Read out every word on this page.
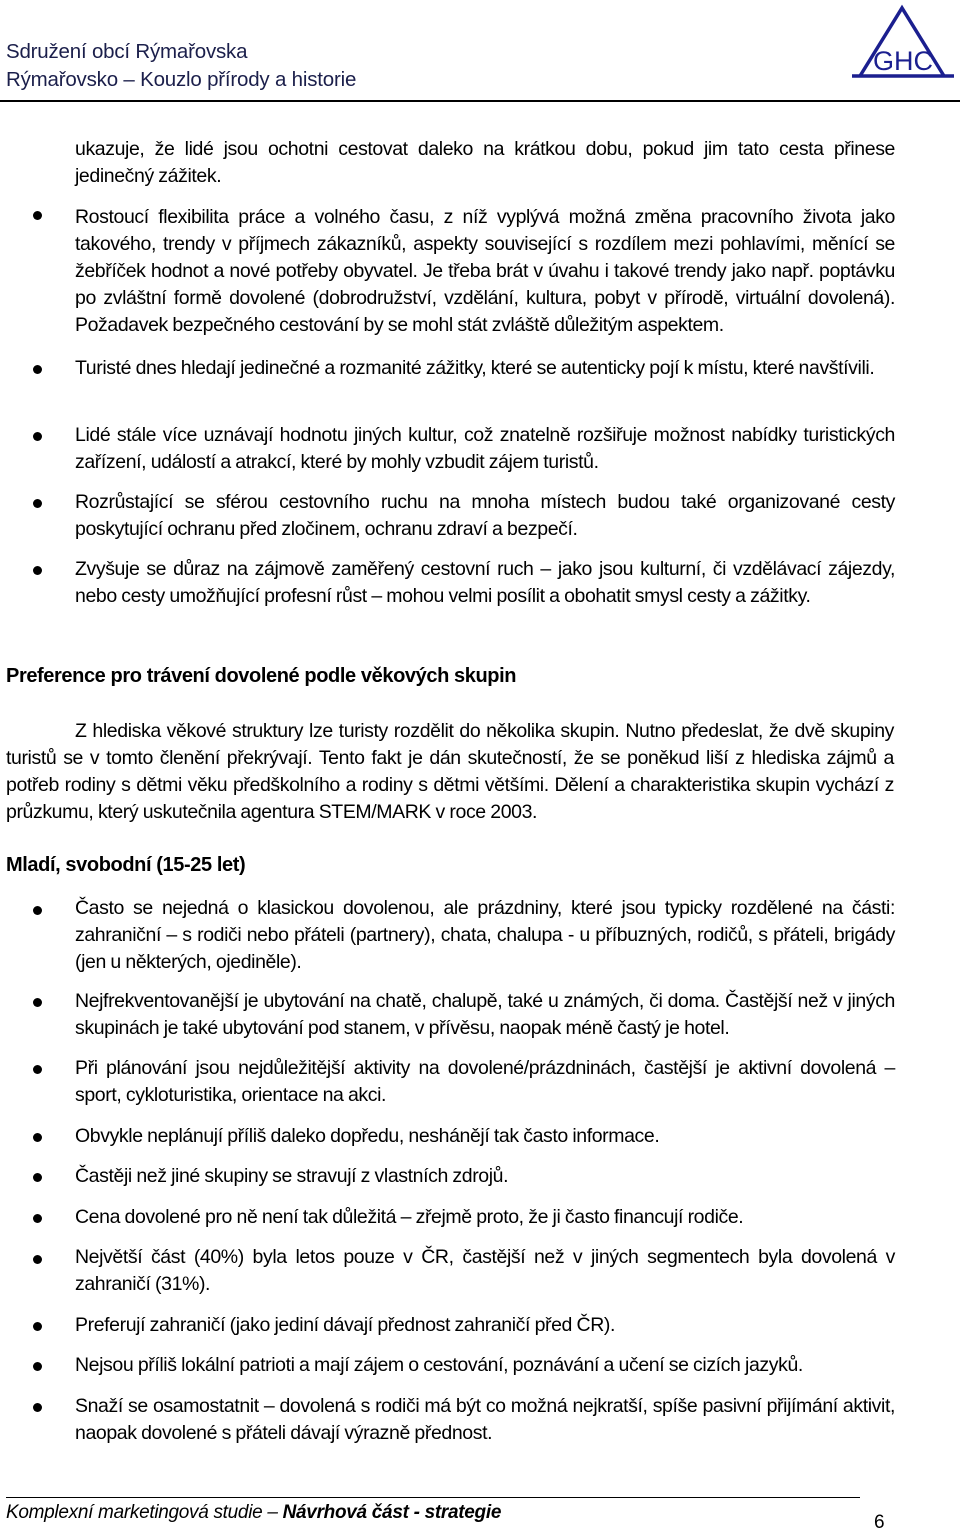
Sdružení obcí Rýmařovska
Rýmařovsko – Kouzlo přírody a historie
GHC
ukazuje, že lidé jsou ochotni cestovat daleko na krátkou dobu, pokud jim tato cesta přinese jedinečný zážitek.
Rostoucí flexibilita práce a volného času, z níž vyplývá možná změna pracovního života jako takového, trendy v příjmech zákazníků, aspekty související s rozdílem mezi pohlavími, měnící se žebříček hodnot a nové potřeby obyvatel. Je třeba brát v úvahu i takové trendy jako např. poptávku po zvláštní formě dovolené (dobrodružství, vzdělání, kultura, pobyt v přírodě, virtuální dovolená). Požadavek bezpečného cestování by se mohl stát zvláště důležitým aspektem.
Turisté dnes hledají jedinečné a rozmanité zážitky, které se autenticky pojí k místu, které navštívili.
Lidé stále více uznávají hodnotu jiných kultur, což znatelně rozšiřuje možnost nabídky turistických zařízení, událostí a atrakcí, které by mohly vzbudit zájem turistů.
Rozrůstající se sférou cestovního ruchu na mnoha místech budou také organizované cesty poskytující ochranu před zločinem, ochranu zdraví a bezpečí.
Zvyšuje se důraz na zájmově zaměřený cestovní ruch – jako jsou kulturní, či vzdělávací zájezdy, nebo cesty umožňující profesní růst – mohou velmi posílit a obohatit smysl cesty a zážitky.
Preference pro trávení dovolené podle věkových skupin
Z hlediska věkové struktury lze turisty rozdělit do několika skupin. Nutno předeslat, že dvě skupiny turistů se v tomto členění překrývají. Tento fakt je dán skutečností, že se poněkud liší z hlediska zájmů a potřeb rodiny s dětmi věku předškolního a rodiny s dětmi většími. Dělení a charakteristika skupin vychází z průzkumu, který uskutečnila agentura STEM/MARK v roce 2003.
Mladí, svobodní (15-25 let)
Často se nejedná o klasickou dovolenou, ale prázdniny, které jsou typicky rozdělené na části: zahraniční – s rodiči nebo přáteli (partnery), chata, chalupa - u příbuzných, rodičů, s přáteli, brigády (jen u některých, ojediněle).
Nejfrekventovanější je ubytování na chatě, chalupě, také u známých, či doma. Častější než v jiných skupinách je také ubytování pod stanem, v přívěsu, naopak méně častý je hotel.
Při plánování jsou nejdůležitější aktivity na dovolené/prázdninách, častější je aktivní dovolená – sport, cykloturistika, orientace na akci.
Obvykle neplánují příliš daleko dopředu, neshánějí tak často informace.
Častěji než jiné skupiny se stravují z vlastních zdrojů.
Cena dovolené pro ně není tak důležitá – zřejmě proto, že ji často financují rodiče.
Největší část (40%) byla letos pouze v ČR, častější než v jiných segmentech byla dovolená v zahraničí (31%).
Preferují zahraničí (jako jediní dávají přednost zahraničí před ČR).
Nejsou příliš lokální patrioti a mají zájem o cestování, poznávání a učení se cizích jazyků.
Snaží se osamostatnit – dovolená s rodiči má být co možná nejkratší, spíše pasivní přijímání aktivit, naopak dovolené s přáteli dávají výrazně přednost.
Komplexní marketingová studie – Návrhová část - strategie	6
